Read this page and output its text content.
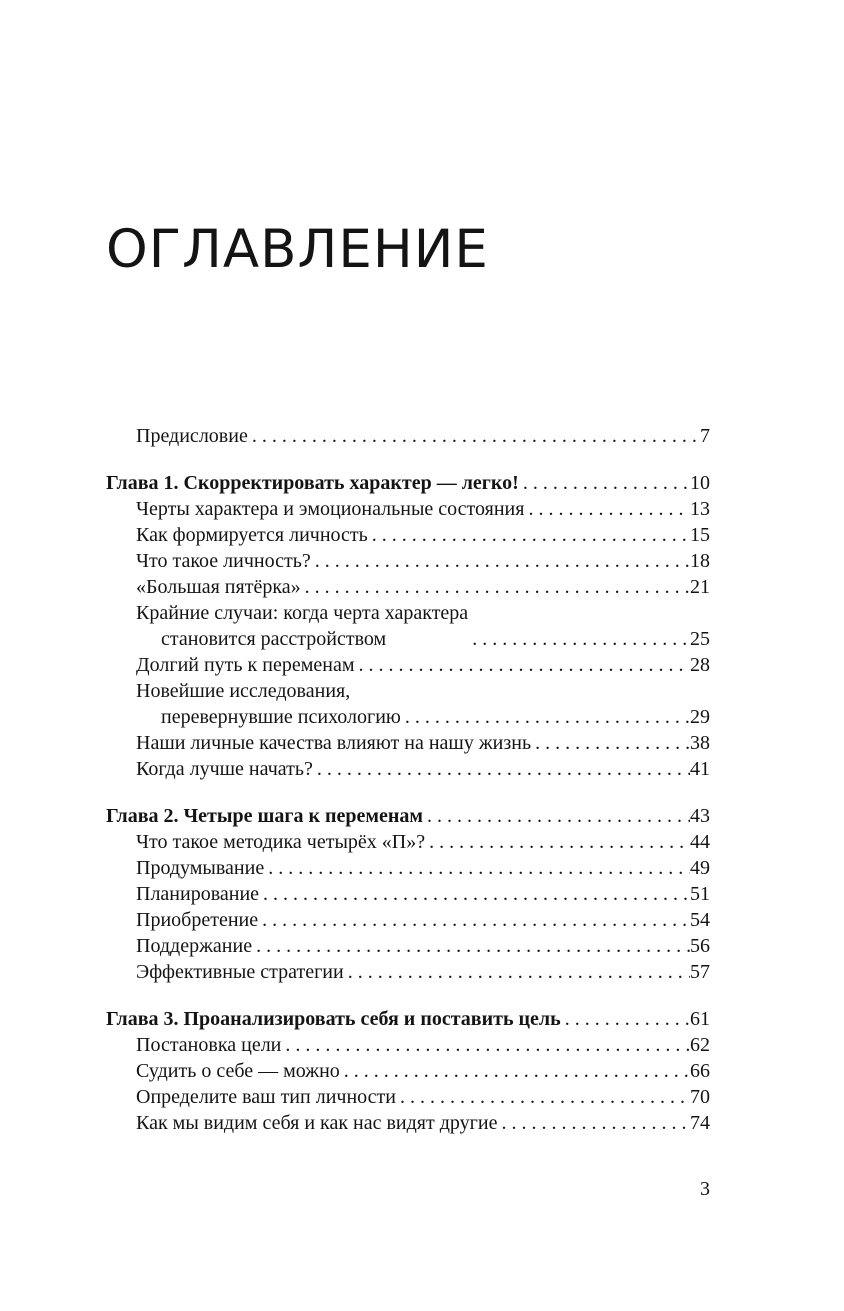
ОГЛАВЛЕНИЕ
Предисловие . . .	7
Глава 1. Скорректировать характер — легко! . . .	10
Черты характера и эмоциональные состояния . . .	13
Как формируется личность . . .	15
Что такое личность? . . .	18
«Большая пятёрка» . . .	21
Крайние случаи: когда черта характера
становится расстройством . . .	25
Долгий путь к переменам . . .	28
Новейшие исследования,
перевернувшие психологию . . .	29
Наши личные качества влияют на нашу жизнь . . .	38
Когда лучше начать? . . .	41
Глава 2. Четыре шага к переменам . . .	43
Что такое методика четырёх «П»? . . .	44
Продумывание . . .	49
Планирование . . .	51
Приобретение . . .	54
Поддержание . . .	56
Эффективные стратегии . . .	57
Глава 3. Проанализировать себя и поставить цель . . .	61
Постановка цели . . .	62
Судить о себе — можно . . .	66
Определите ваш тип личности . . .	70
Как мы видим себя и как нас видят другие . . .	74
3
